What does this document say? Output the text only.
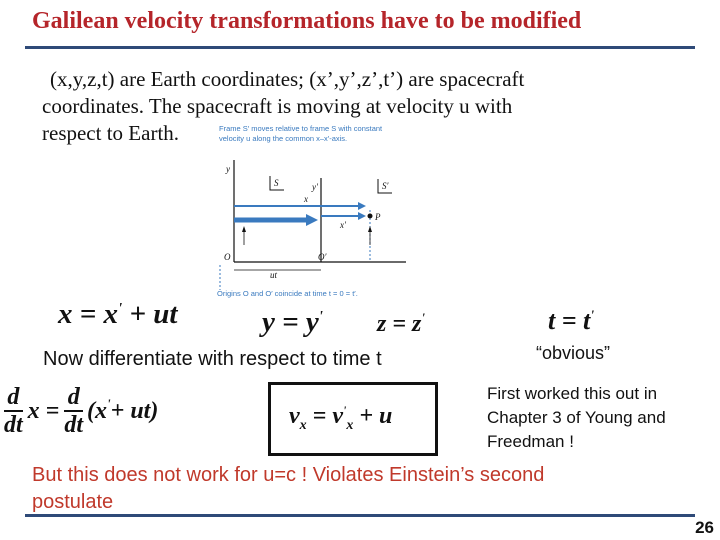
Galilean velocity transformations have to be modified
(x,y,z,t) are Earth coordinates; (x’,y’,z’,t’) are spacecraft
coordinates. The spacecraft is moving at velocity u with
respect to Earth.	Frame S′ moves relative to frame S with constant
velocity u along the common x–x′-axis.
y
y′
S	S′
x
x′
P
O	O′
ut
Origins O and O′ coincide at time t = 0 = t′.
x = x' + ut	y = y' z = z'	t = t'
“obvious”
Now differentiate with respect to time t
$\frac{d}{dt}$ $x = \frac{d}{dt} (x' + ut)$	$v_x = v'_x + u$
First worked this out in
Chapter 3 of Young and
Freedman !
But this does not work for u=c ! Violates Einstein’s second
postulate
26
